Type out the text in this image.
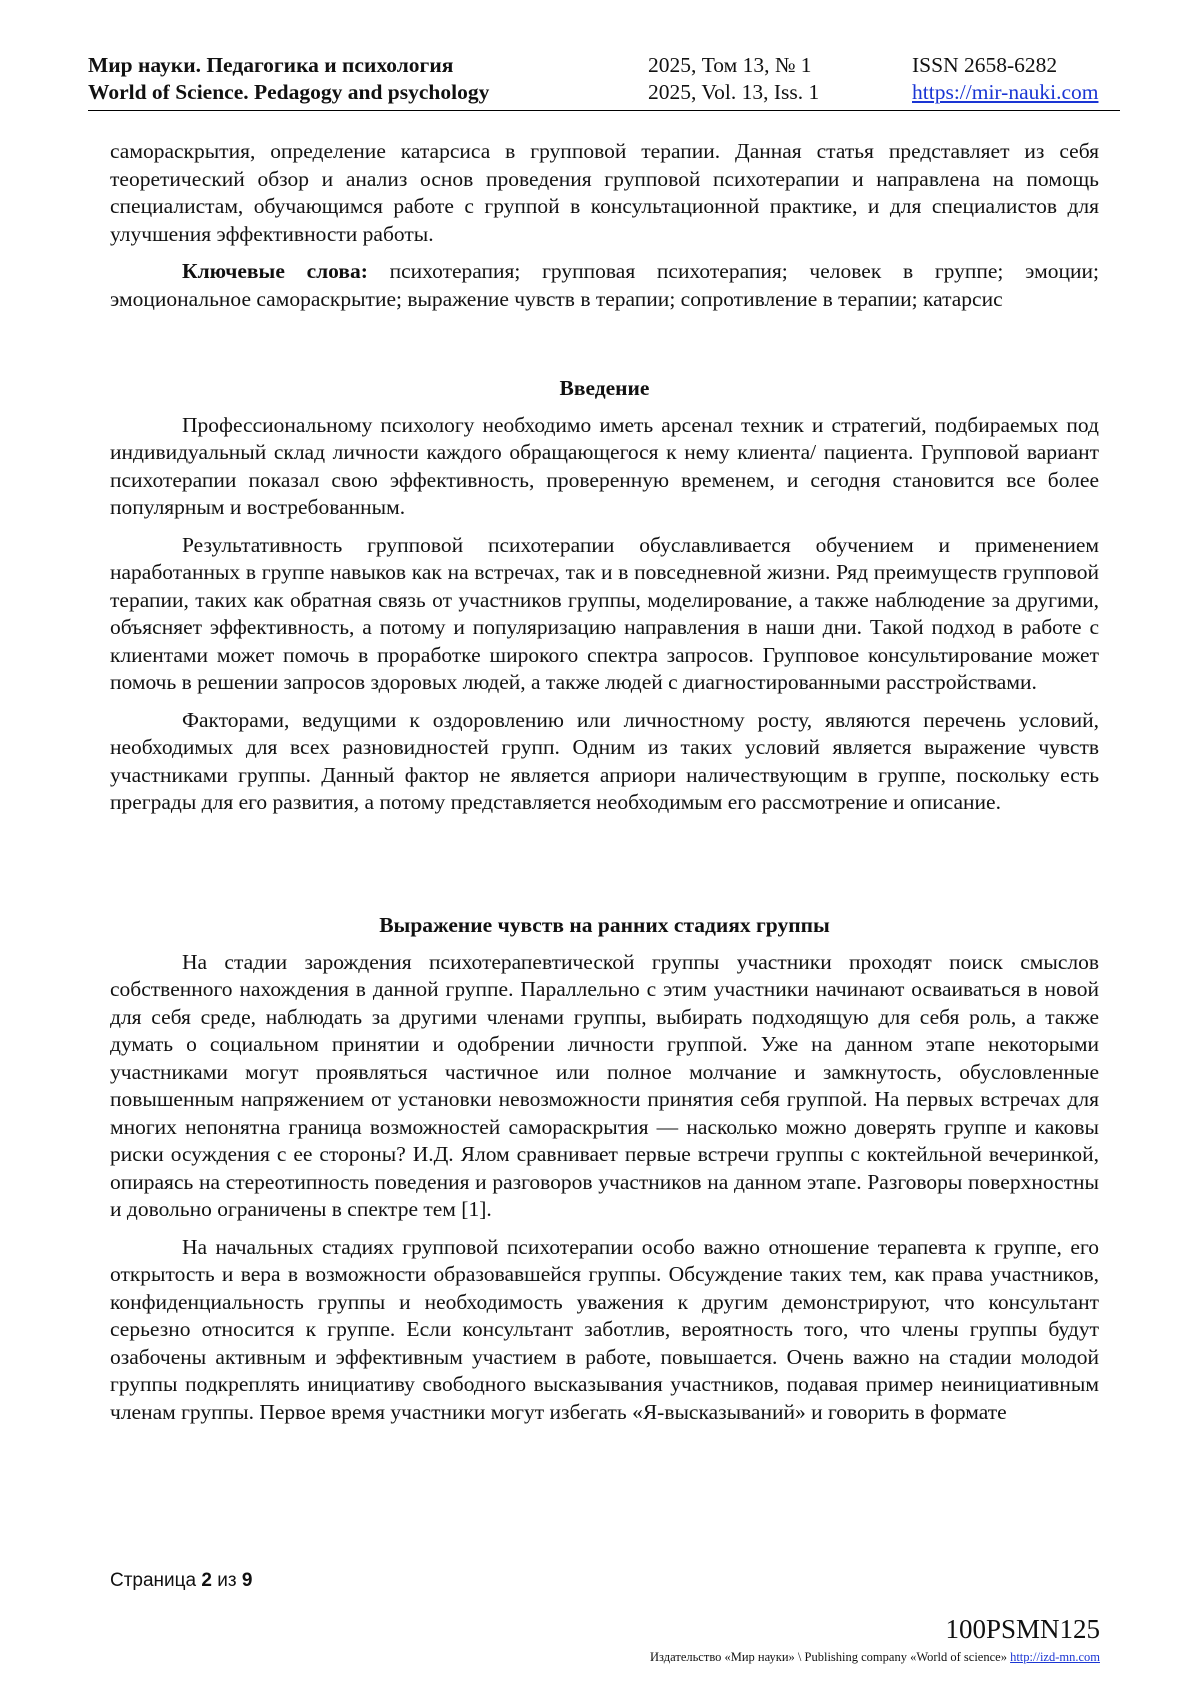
Мир науки. Педагогика и психология
World of Science. Pedagogy and psychology
2025, Том 13, № 1
2025, Vol. 13, Iss. 1
ISSN 2658-6282
https://mir-nauki.com

самораскрытия, определение катарсиса в групповой терапии. Данная статья представляет из себя теоретический обзор и анализ основ проведения групповой психотерапии и направлена на помощь специалистам, обучающимся работе с группой в консультационной практике, и для специалистов для улучшения эффективности работы.

Ключевые слова: психотерапия; групповая психотерапия; человек в группе; эмоции; эмоциональное самораскрытие; выражение чувств в терапии; сопротивление в терапии; катарсис

Введение

Профессиональному психологу необходимо иметь арсенал техник и стратегий, подбираемых под индивидуальный склад личности каждого обращающегося к нему клиента/ пациента. Групповой вариант психотерапии показал свою эффективность, проверенную временем, и сегодня становится все более популярным и востребованным.

Результативность групповой психотерапии обуславливается обучением и применением наработанных в группе навыков как на встречах, так и в повседневной жизни. Ряд преимуществ групповой терапии, таких как обратная связь от участников группы, моделирование, а также наблюдение за другими, объясняет эффективность, а потому и популяризацию направления в наши дни. Такой подход в работе с клиентами может помочь в проработке широкого спектра запросов. Групповое консультирование может помочь в решении запросов здоровых людей, а также людей с диагностированными расстройствами.

Факторами, ведущими к оздоровлению или личностному росту, являются перечень условий, необходимых для всех разновидностей групп. Одним из таких условий является выражение чувств участниками группы. Данный фактор не является априори наличествующим в группе, поскольку есть преграды для его развития, а потому представляется необходимым его рассмотрение и описание.

Выражение чувств на ранних стадиях группы

На стадии зарождения психотерапевтической группы участники проходят поиск смыслов собственного нахождения в данной группе. Параллельно с этим участники начинают осваиваться в новой для себя среде, наблюдать за другими членами группы, выбирать подходящую для себя роль, а также думать о социальном принятии и одобрении личности группой. Уже на данном этапе некоторыми участниками могут проявляться частичное или полное молчание и замкнутость, обусловленные повышенным напряжением от установки невозможности принятия себя группой. На первых встречах для многих непонятна граница возможностей самораскрытия — насколько можно доверять группе и каковы риски осуждения с ее стороны? И.Д. Ялом сравнивает первые встречи группы с коктейльной вечеринкой, опираясь на стереотипность поведения и разговоров участников на данном этапе. Разговоры поверхностны и довольно ограничены в спектре тем [1].

На начальных стадиях групповой психотерапии особо важно отношение терапевта к группе, его открытость и вера в возможности образовавшейся группы. Обсуждение таких тем, как права участников, конфиденциальность группы и необходимость уважения к другим демонстрируют, что консультант серьезно относится к группе. Если консультант заботлив, вероятность того, что члены группы будут озабочены активным и эффективным участием в работе, повышается. Очень важно на стадии молодой группы подкреплять инициативу свободного высказывания участников, подавая пример неинициативным членам группы. Первое время участники могут избегать «Я-высказываний» и говорить в формате

Страница 2 из 9
100PSMN125
Издательство «Мир науки» \ Publishing company «World of science» http://izd-mn.com
